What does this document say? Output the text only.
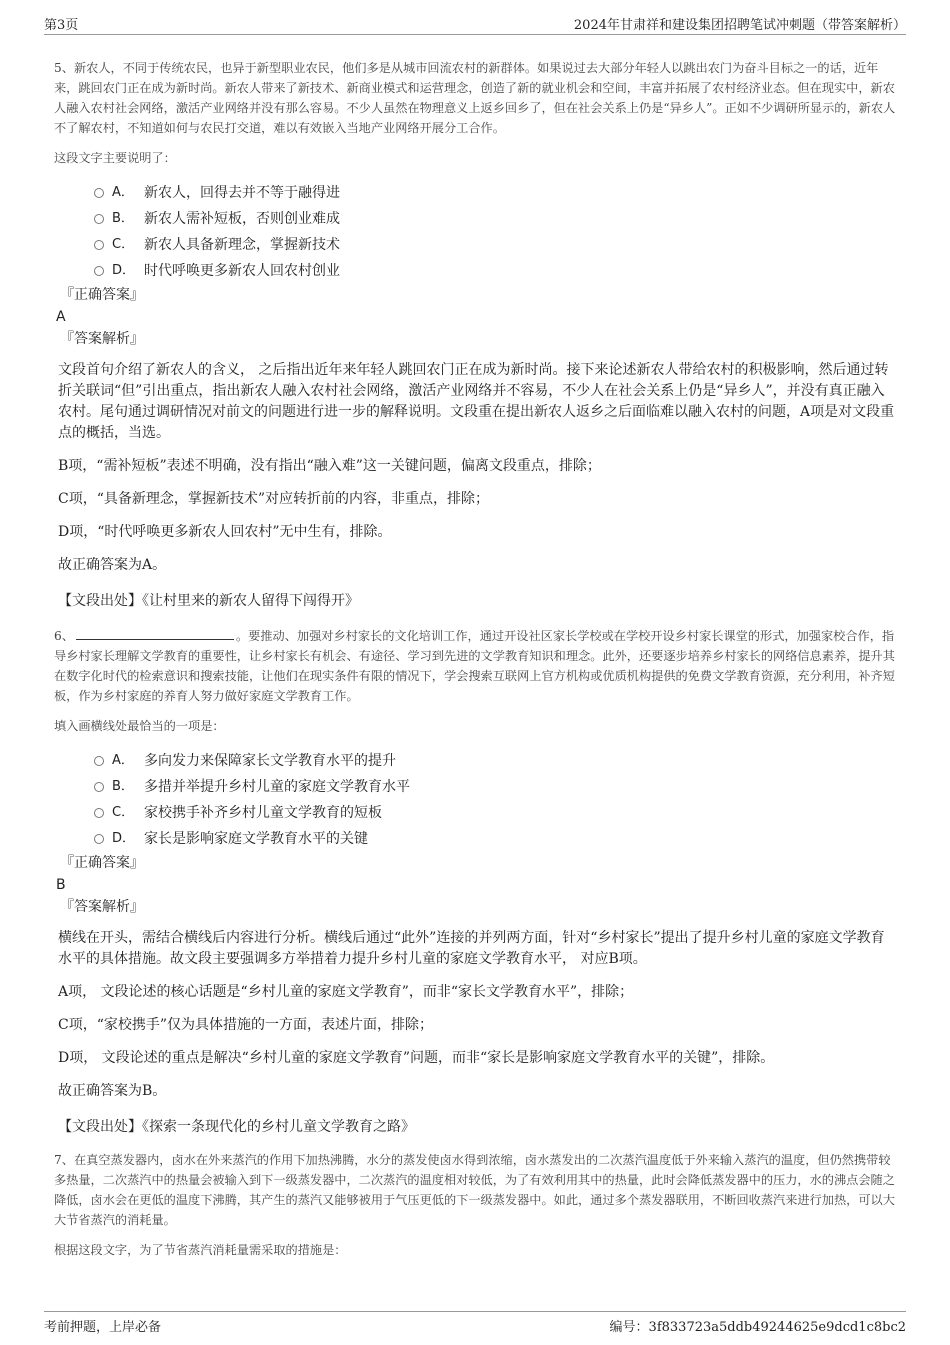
第3页	2024年甘肃祥和建设集团招聘笔试冲刺题（带答案解析）

5、新农人，不同于传统农民，也异于新型职业农民，他们多是从城市回流农村的新群体。如果说过去大部分年轻人以跳出农门为奋斗目标之一的话，近年来，跳回农门正在成为新时尚。新农人带来了新技术、新商业模式和运营理念，创造了新的就业机会和空间，丰富并拓展了农村经济业态。但在现实中，新农人融入农村社会网络，激活产业网络并没有那么容易。不少人虽然在物理意义上返乡回乡了，但在社会关系上仍是“异乡人”。正如不少调研所显示的，新农人不了解农村，不知道如何与农民打交道，难以有效嵌入当地产业网络开展分工合作。

这段文字主要说明了：

A． 新农人，回得去并不等于融得进
B． 新农人需补短板，否则创业难成
C． 新农人具备新理念，掌握新技术
D． 时代呼唤更多新农人回农村创业

『正确答案』

A

『答案解析』

文段首句介绍了新农人的含义， 之后指出近年来年轻人跳回农门正在成为新时尚。接下来论述新农人带给农村的积极影响，然后通过转折关联词“但”引出重点，指出新农人融入农村社会网络，激活产业网络并不容易，不少人在社会关系上仍是“异乡人”，并没有真正融入农村。尾句通过调研情况对前文的问题进行进一步的解释说明。文段重在提出新农人返乡之后面临难以融入农村的问题，A项是对文段重点的概括，当选。

B项，“需补短板”表述不明确，没有指出“融入难”这一关键问题，偏离文段重点，排除；

C项，“具备新理念，掌握新技术”对应转折前的内容，非重点，排除；

D项，“时代呼唤更多新农人回农村”无中生有，排除。

故正确答案为A。

【文段出处】《让村里来的新农人留得下闯得开》

6、	。要推动、加强对乡村家长的文化培训工作，通过开设社区家长学校或在学校开设乡村家长课堂的形式，加强家校合作，指导乡村家长理解文学教育的重要性，让乡村家长有机会、有途径、学习到先进的文学教育知识和理念。此外，还要逐步培养乡村家长的网络信息素养，提升其在数字化时代的检索意识和搜索技能，让他们在现实条件有限的情况下，学会搜索互联网上官方机构或优质机构提供的免费文学教育资源，充分利用，补齐短板，作为乡村家庭的养育人努力做好家庭文学教育工作。

填入画横线处最恰当的一项是：

A． 多向发力来保障家长文学教育水平的提升
B． 多措并举提升乡村儿童的家庭文学教育水平
C． 家校携手补齐乡村儿童文学教育的短板
D． 家长是影响家庭文学教育水平的关键

『正确答案』

B

『答案解析』

横线在开头，需结合横线后内容进行分析。横线后通过“此外”连接的并列两方面，针对“乡村家长”提出了提升乡村儿童的家庭文学教育水平的具体措施。故文段主要强调多方举措着力提升乡村儿童的家庭文学教育水平， 对应B项。

A项， 文段论述的核心话题是“乡村儿童的家庭文学教育”，而非“家长文学教育水平”，排除；

C项，“家校携手”仅为具体措施的一方面，表述片面，排除；

D项， 文段论述的重点是解决“乡村儿童的家庭文学教育”问题，而非“家长是影响家庭文学教育水平的关键”，排除。

故正确答案为B。

【文段出处】《探索一条现代化的乡村儿童文学教育之路》

7、在真空蒸发器内，卤水在外来蒸汽的作用下加热沸腾，水分的蒸发使卤水得到浓缩，卤水蒸发出的二次蒸汽温度低于外来输入蒸汽的温度，但仍然携带较多热量，二次蒸汽中的热量会被输入到下一级蒸发器中，二次蒸汽的温度相对较低，为了有效利用其中的热量，此时会降低蒸发器中的压力，水的沸点会随之降低，卤水会在更低的温度下沸腾，其产生的蒸汽又能够被用于气压更低的下一级蒸发器中。如此，通过多个蒸发器联用，不断回收蒸汽来进行加热，可以大大节省蒸汽的消耗量。

根据这段文字，为了节省蒸汽消耗量需采取的措施是：

考前押题，上岸必备	编号：3f833723a5ddb49244625e9dcd1c8bc2
